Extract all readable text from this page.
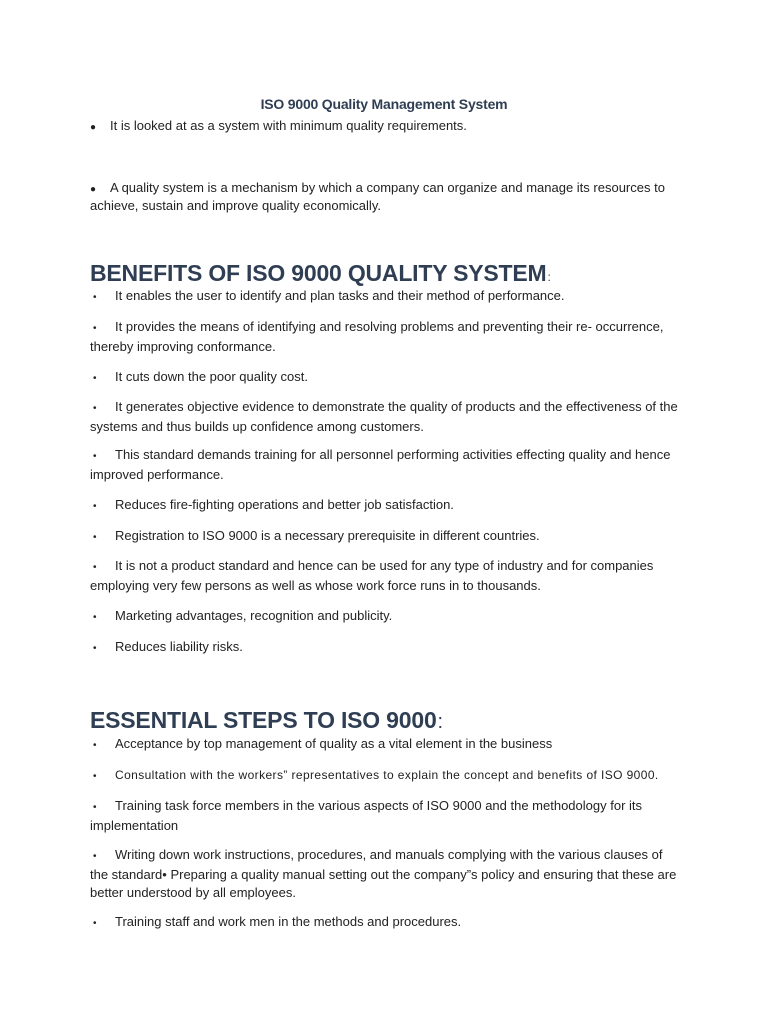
ISO 9000 Quality Management System
● It is looked at as a system with minimum quality requirements.
● A quality system is a mechanism by which a company can organize and manage its resources to achieve, sustain and improve quality economically.
BENEFITS OF ISO 9000 QUALITY SYSTEM:
• It enables the user to identify and plan tasks and their method of performance.
• It provides the means of identifying and resolving problems and preventing their re- occurrence, thereby improving conformance.
• It cuts down the poor quality cost.
• It generates objective evidence to demonstrate the quality of products and the effectiveness of the systems and thus builds up confidence among customers.
• This standard demands training for all personnel performing activities effecting quality and hence improved performance.
• Reduces fire-fighting operations and better job satisfaction.
• Registration to ISO 9000 is a necessary prerequisite in different countries.
• It is not a product standard and hence can be used for any type of industry and for companies employing very few persons as well as whose work force runs in to thousands.
• Marketing advantages, recognition and publicity.
• Reduces liability risks.
ESSENTIAL STEPS TO ISO 9000:
• Acceptance by top management of quality as a vital element in the business
• Consultation with the workers” representatives to explain the concept and benefits of ISO 9000.
• Training task force members in the various aspects of ISO 9000 and the methodology for its implementation
• Writing down work instructions, procedures, and manuals complying with the various clauses of the standard• Preparing a quality manual setting out the company”s policy and ensuring that these are better understood by all employees.
• Training staff and work men in the methods and procedures.
